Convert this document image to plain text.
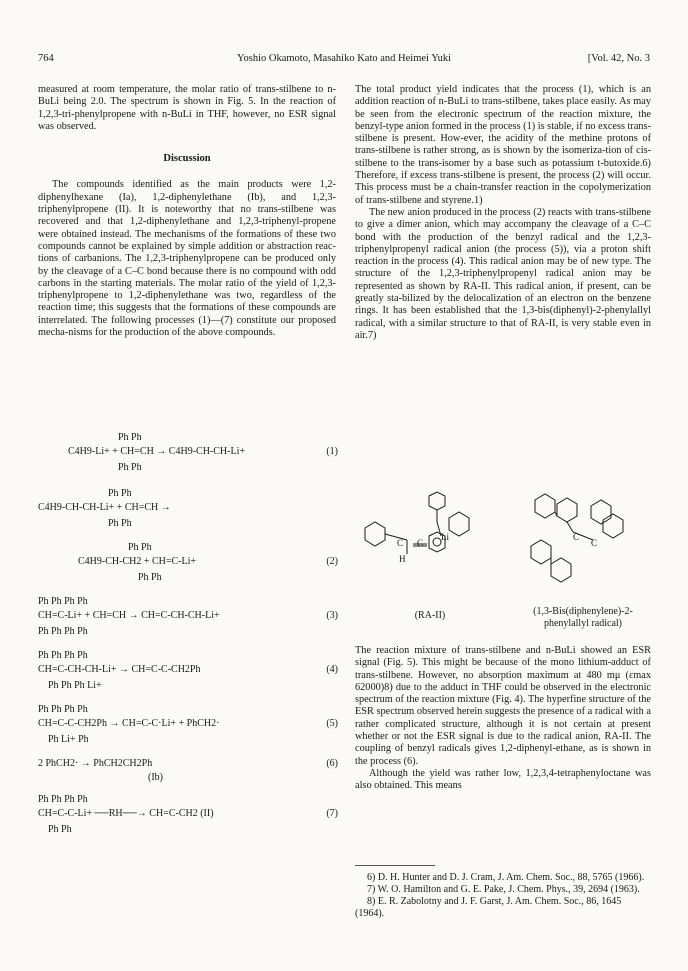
764	Yoshio Okamoto, Masahiko Kato and Heimei Yuki	[Vol. 42, No. 3

measured at room temperature, the molar ratio of trans-stilbene to n-BuLi being 2.0. The spectrum is shown in Fig. 5. In the reaction of 1,2,3-tri-phenylpropene with n-BuLi in THF, however, no ESR signal was observed.

Discussion

The compounds identified as the main products were 1,2-diphenylhexane (Ia), 1,2-diphenylethane (Ib), and 1,2,3-triphenylpropene (II). It is noteworthy that no trans-stilbene was recovered and that 1,2-diphenylethane and 1,2,3-triphenyl-propene were obtained instead. The mechanisms of the formations of these two compounds cannot be explained by simple addition or abstraction reac-tions of carbanions. The 1,2,3-triphenylpropene can be produced only by the cleavage of a C–C bond because there is no compound with odd carbons in the starting materials. The molar ratio of the yield of 1,2,3-triphenylpropene to 1,2-diphenylethane was two, regardless of the reaction time; this suggests that the formations of these compounds are interrelated. The following processes (1)—(7) constitute our proposed mecha-nisms for the production of the above compounds.

Ph Ph
C4H9-Li+ + CH=CH → C4H9-CH-CH-Li+
Ph Ph
(1)
Ph Ph
C4H9-CH-CH-Li+ + CH=CH →
Ph Ph
Ph Ph
C4H9-CH-CH2 + CH=C-Li+
Ph Ph
(2)
Ph Ph Ph Ph
CH=C-Li+ + CH=CH → CH=C-CH-CH-Li+
Ph Ph Ph Ph
(3)
Ph Ph Ph Ph
CH=C-CH-CH-Li+ → CH=C-C-CH2Ph
Ph Ph Ph Li+
(4)
Ph Ph Ph Ph
CH=C-C-CH2Ph → CH=C-C·Li+ + PhCH2·
Ph Li+ Ph
(5)
2 PhCH2· → PhCH2CH2Ph
(Ib)
(6)
Ph Ph Ph Ph
CH=C-C-Li+ ──RH──→ CH=C-CH2 (II)
Ph Ph
(7)

The total product yield indicates that the process (1), which is an addition reaction of n-BuLi to trans-stilbene, takes place easily. As may be seen from the electronic spectrum of the reaction mixture, the benzyl-type anion formed in the process (1) is stable, if no excess trans-stilbene is present. How-ever, the acidity of the methine protons of trans-stilbene is rather strong, as is shown by the isomeriza-tion of cis-stilbene to the trans-isomer by a base such as potassium t-butoxide.6) Therefore, if excess trans-stilbene is present, the process (2) will occur. This process must be a chain-transfer reaction in the copolymerization of trans-stilbene and styrene.1)

The new anion produced in the process (2) reacts with trans-stilbene to give a dimer anion, which may accompany the cleavage of a C–C bond with the production of the benzyl radical and the 1,2,3-triphenylpropenyl radical anion (the process (5)), via a proton shift reaction in the process (4). This radical anion may be of new type. The structure of the 1,2,3-triphenylpropenyl radical anion may be represented as shown by RA-II. This radical anion, if present, can be greatly sta-bilized by the delocalization of an electron on the benzene rings. It has been established that the 1,3-bis(diphenyl)-2-phenylallyl radical, with a similar structure to that of RA-II, is very stable even in air.7)

C C
Li
H
C
C
(RA-II)	(1,3-Bis(diphenylene)-2-
phenylallyl radical)

The reaction mixture of trans-stilbene and n-BuLi showed an ESR signal (Fig. 5). This might be because of the mono lithium-adduct of trans-stilbene. However, no absorption maximum at 480 mμ (εmax 62000)8) due to the adduct in THF could be observed in the electronic spectrum of the reaction mixture (Fig. 4). The hyperfine structure of the ESR spectrum observed herein suggests the presence of a radical with a rather complicated structure, although it is not certain at present whether or not the ESR signal is due to the radical anion, RA-II. The coupling of benzyl radicals gives 1,2-diphenyl-ethane, as is shown in the process (6).

Although the yield was rather low, 1,2,3,4-tetraphenyloctane was also obtained. This means

6) D. H. Hunter and D. J. Cram, J. Am. Chem. Soc., 88, 5765 (1966).

7) W. O. Hamilton and G. E. Pake, J. Chem. Phys., 39, 2694 (1963).

8) E. R. Zabolotny and J. F. Garst, J. Am. Chem. Soc., 86, 1645 (1964).
